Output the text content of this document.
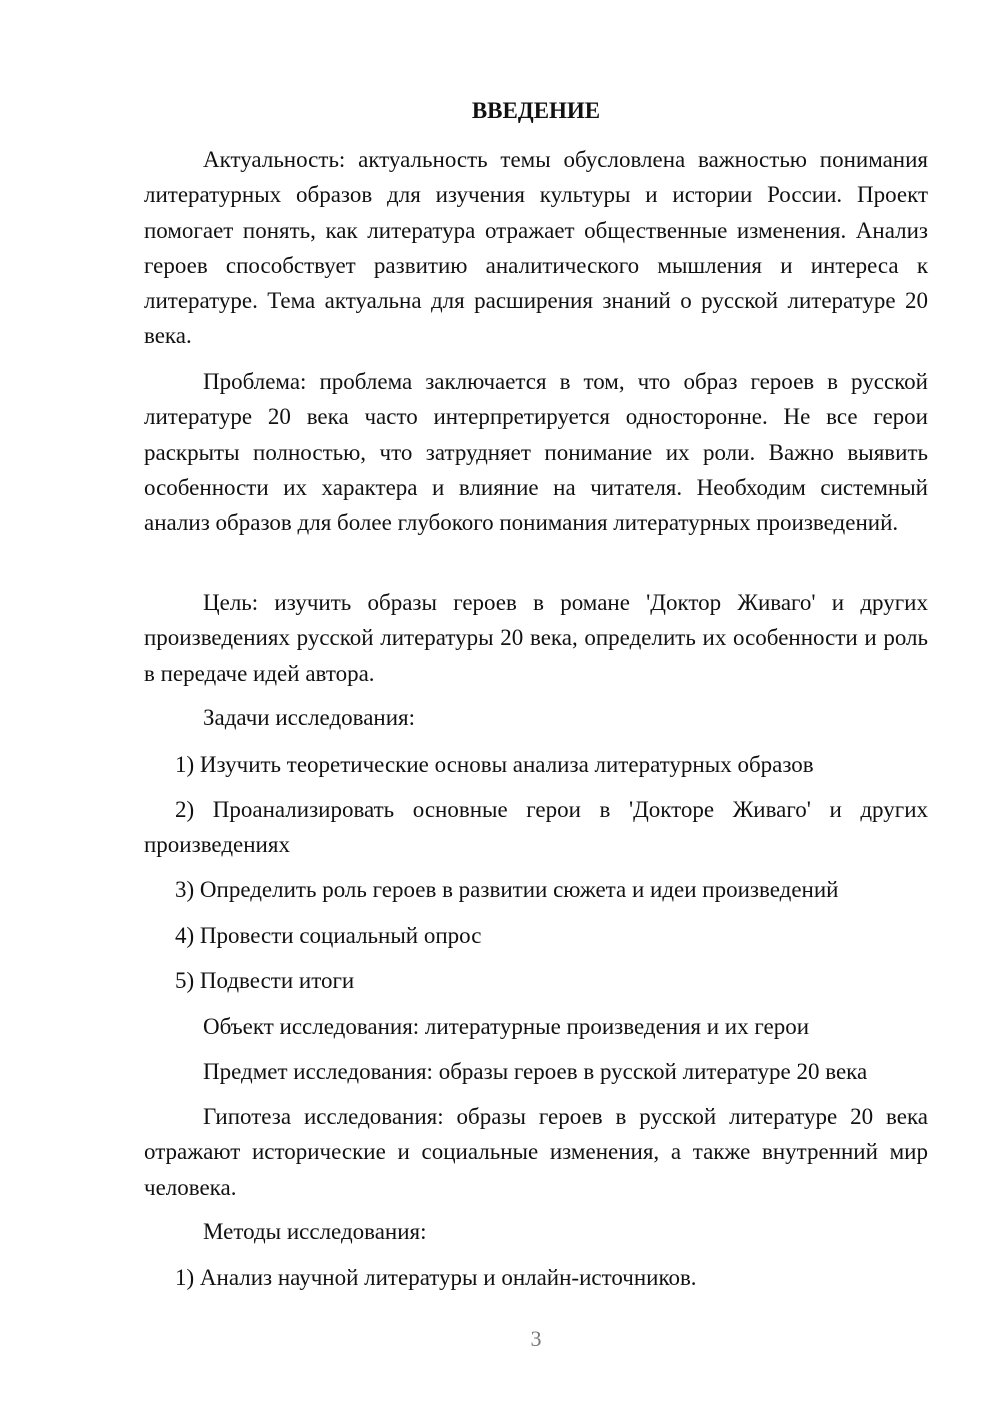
ВВЕДЕНИЕ

Актуальность: актуальность темы обусловлена важностью понимания литературных образов для изучения культуры и истории России. Проект помогает понять, как литература отражает общественные изменения. Анализ героев способствует развитию аналитического мышления и интереса к литературе. Тема актуальна для расширения знаний о русской литературе 20 века.

Проблема: проблема заключается в том, что образ героев в русской литературе 20 века часто интерпретируется односторонне. Не все герои раскрыты полностью, что затрудняет понимание их роли. Важно выявить особенности их характера и влияние на читателя. Необходим системный анализ образов для более глубокого понимания литературных произведений.

Цель: изучить образы героев в романе 'Доктор Живаго' и других произведениях русской литературы 20 века, определить их особенности и роль в передаче идей автора.

Задачи исследования:

1) Изучить теоретические основы анализа литературных образов

2) Проанализировать основные герои в 'Докторе Живаго' и других произведениях

3) Определить роль героев в развитии сюжета и идеи произведений

4) Провести социальный опрос

5) Подвести итоги

Объект исследования: литературные произведения и их герои

Предмет исследования: образы героев в русской литературе 20 века

Гипотеза исследования: образы героев в русской литературе 20 века отражают исторические и социальные изменения, а также внутренний мир человека.

Методы исследования:

1) Анализ научной литературы и онлайн-источников.

3
